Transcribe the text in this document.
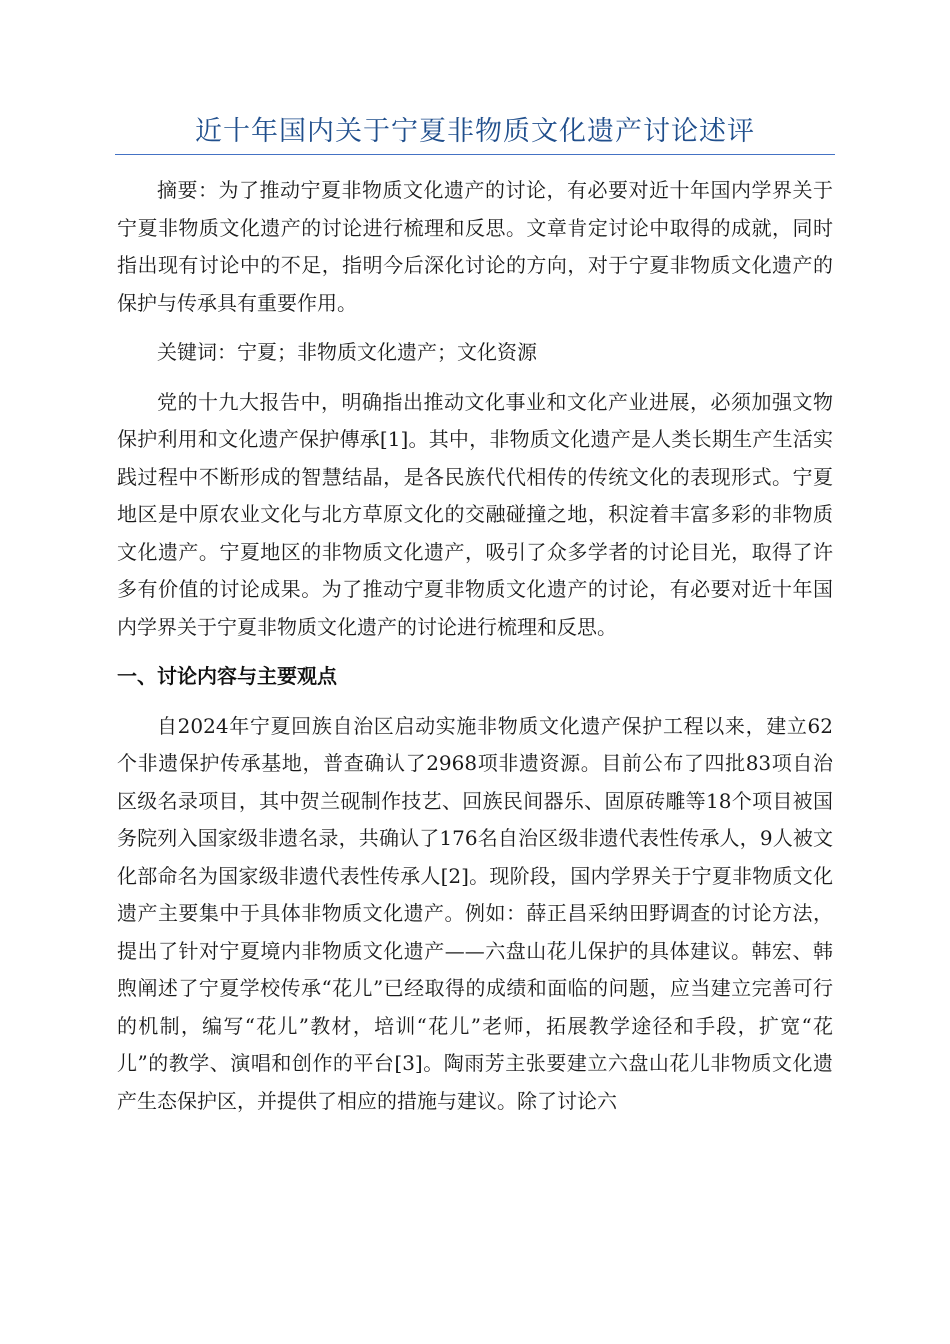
近十年国内关于宁夏非物质文化遗产讨论述评

摘要：为了推动宁夏非物质文化遗产的讨论，有必要对近十年国内学界关于宁夏非物质文化遗产的讨论进行梳理和反思。文章肯定讨论中取得的成就，同时指出现有讨论中的不足，指明今后深化讨论的方向，对于宁夏非物质文化遗产的保护与传承具有重要作用。

关键词：宁夏；非物质文化遗产；文化资源

党的十九大报告中，明确指出推动文化事业和文化产业进展，必须加强文物保护利用和文化遗产保护傳承[1]。其中，非物质文化遗产是人类长期生产生活实践过程中不断形成的智慧结晶，是各民族代代相传的传统文化的表现形式。宁夏地区是中原农业文化与北方草原文化的交融碰撞之地，积淀着丰富多彩的非物质文化遗产。宁夏地区的非物质文化遗产，吸引了众多学者的讨论目光，取得了许多有价值的讨论成果。为了推动宁夏非物质文化遗产的讨论，有必要对近十年国内学界关于宁夏非物质文化遗产的讨论进行梳理和反思。

一、讨论内容与主要观点

自2024年宁夏回族自治区启动实施非物质文化遗产保护工程以来，建立62个非遗保护传承基地，普查确认了2968项非遗资源。目前公布了四批83项自治区级名录项目，其中贺兰砚制作技艺、回族民间器乐、固原砖雕等18个项目被国务院列入国家级非遗名录，共确认了176名自治区级非遗代表性传承人，9人被文化部命名为国家级非遗代表性传承人[2]。现阶段，国内学界关于宁夏非物质文化遗产主要集中于具体非物质文化遗产。例如：薛正昌采纳田野调查的讨论方法，提出了针对宁夏境内非物质文化遗产——六盘山花儿保护的具体建议。韩宏、韩煦阐述了宁夏学校传承“花儿”已经取得的成绩和面临的问题，应当建立完善可行的机制，编写“花儿”教材，培训“花儿”老师，拓展教学途径和手段，扩宽“花儿”的教学、演唱和创作的平台[3]。陶雨芳主张要建立六盘山花儿非物质文化遗产生态保护区，并提供了相应的措施与建议。除了讨论六
